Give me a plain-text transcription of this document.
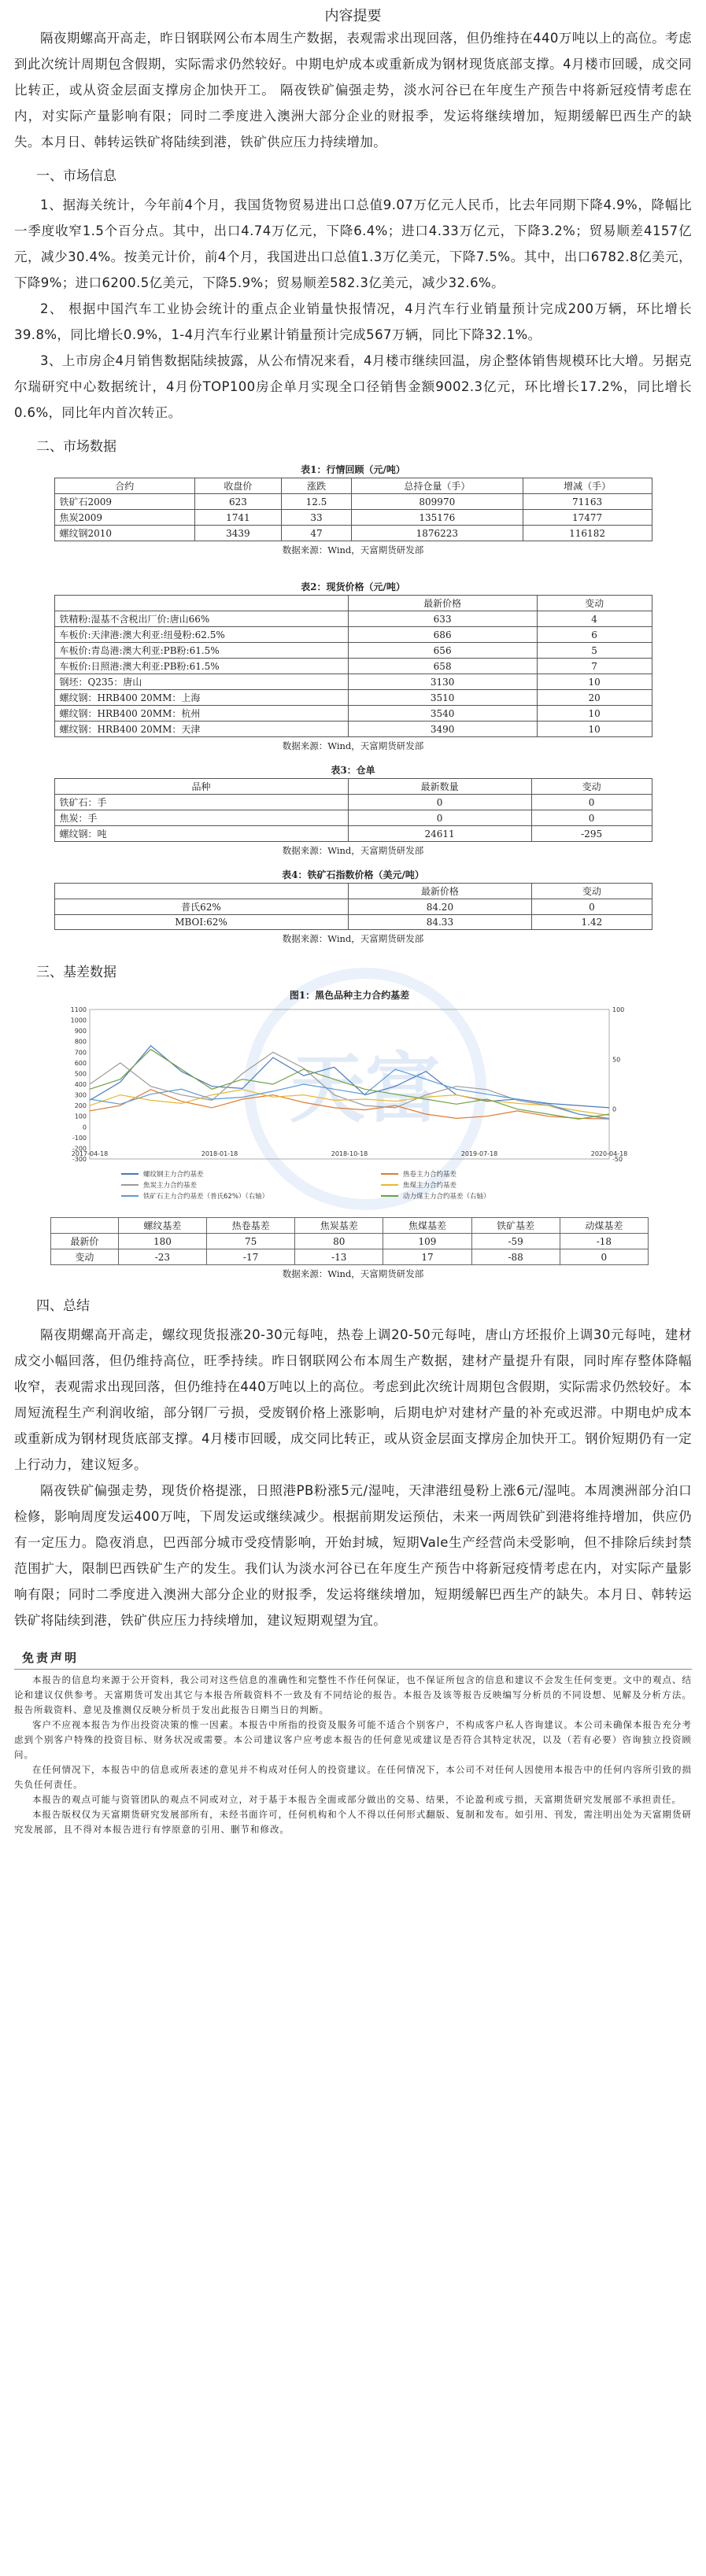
天富
内容提要

隔夜期螺高开高走，昨日钢联网公布本周生产数据，表观需求出现回落，但仍维持在440万吨以上的高位。考虑到此次统计周期包含假期，实际需求仍然较好。中期电炉成本或重新成为钢材现货底部支撑。4月楼市回暖，成交同比转正，或从资金层面支撑房企加快开工。 隔夜铁矿偏强走势，淡水河谷已在年度生产预告中将新冠疫情考虑在内，对实际产量影响有限；同时二季度进入澳洲大部分企业的财报季，发运将继续增加，短期缓解巴西生产的缺失。本月日、韩转运铁矿将陆续到港，铁矿供应压力持续增加。

一、市场信息

1、据海关统计，今年前4个月，我国货物贸易进出口总值9.07万亿元人民币，比去年同期下降4.9%，降幅比一季度收窄1.5个百分点。其中，出口4.74万亿元，下降6.4%；进口4.33万亿元，下降3.2%；贸易顺差4157亿元，减少30.4%。按美元计价，前4个月，我国进出口总值1.3万亿美元，下降7.5%。其中，出口6782.8亿美元，下降9%；进口6200.5亿美元，下降5.9%；贸易顺差582.3亿美元，减少32.6%。

2、 根据中国汽车工业协会统计的重点企业销量快报情况，4月汽车行业销量预计完成200万辆，环比增长39.8%，同比增长0.9%，1-4月汽车行业累计销量预计完成567万辆，同比下降32.1%。

3、上市房企4月销售数据陆续披露，从公布情况来看，4月楼市继续回温，房企整体销售规模环比大增。另据克尔瑞研究中心数据统计，4月份TOP100房企单月实现全口径销售金额9002.3亿元，环比增长17.2%，同比增长0.6%，同比年内首次转正。

二、市场数据
表1：行情回顾（元/吨）
合约	收盘价	涨跌	总持仓量（手）	增减（手）
铁矿石2009	623	12.5	809970	71163
焦炭2009	1741	33	135176	17477
螺纹钢2010	3439	47	1876223	116182
数据来源：Wind，天富期货研发部
表2：现货价格（元/吨）
	最新价格	变动
铁精粉:湿基不含税出厂价:唐山66%	633	4
车板价:天津港:澳大利亚:纽曼粉:62.5%	686	6
车板价:青岛港:澳大利亚:PB粉:61.5%	656	5
车板价:日照港:澳大利亚:PB粉:61.5%	658	7
钢坯：Q235：唐山	3130	10
螺纹钢：HRB400 20MM：上海	3510	20
螺纹钢：HRB400 20MM：杭州	3540	10
螺纹钢：HRB400 20MM：天津	3490	10
数据来源：Wind，天富期货研发部
表3：仓单
品种	最新数量	变动
铁矿石：手	0	0
焦炭：手	0	0
螺纹钢：吨	24611	-295
数据来源：Wind，天富期货研发部
表4：铁矿石指数价格（美元/吨）
	最新价格	变动
普氏62%	84.20	0
MBOI:62%	84.33	1.42
数据来源：Wind，天富期货研发部
三、基差数据
图1：黑色品种主力合约基差
1100
1000
900
800
700
600
500
400
300
200
100
0
-100
-200
-300
100
50
0
-50
2017-04-18	2018-01-18	2018-10-18	2019-07-18	2020-04-18
螺纹钢主力合约基差	热卷主力合约基差
焦炭主力合约基差	焦煤主力合约基差
铁矿石主力合约基差（普氏62%）（右轴）	动力煤主力合约基差（右轴）
	螺纹基差	热卷基差	焦炭基差	焦煤基差	铁矿基差	动煤基差
最新价	180	75	80	109	-59	-18
变动	-23	-17	-13	17	-88	0
数据来源：Wind，天富期货研发部
四、总结

隔夜期螺高开高走，螺纹现货报涨20-30元每吨，热卷上调20-50元每吨，唐山方坯报价上调30元每吨，建材成交小幅回落，但仍维持高位，旺季持续。昨日钢联网公布本周生产数据，建材产量提升有限，同时库存整体降幅收窄，表观需求出现回落，但仍维持在440万吨以上的高位。考虑到此次统计周期包含假期，实际需求仍然较好。本周短流程生产利润收缩，部分钢厂亏损，受废钢价格上涨影响，后期电炉对建材产量的补充或迟滞。中期电炉成本或重新成为钢材现货底部支撑。4月楼市回暖，成交同比转正，或从资金层面支撑房企加快开工。钢价短期仍有一定上行动力，建议短多。

隔夜铁矿偏强走势，现货价格提涨，日照港PB粉涨5元/湿吨，天津港纽曼粉上涨6元/湿吨。本周澳洲部分泊口检修，影响周度发运400万吨，下周发运或继续减少。根据前期发运预估，未来一两周铁矿到港将维持增加，供应仍有一定压力。隐夜消息，巴西部分城市受疫情影响，开始封城，短期Vale生产经营尚未受影响，但不排除后续封禁范围扩大，限制巴西铁矿生产的发生。我们认为淡水河谷已在年度生产预告中将新冠疫情考虑在内，对实际产量影响有限；同时二季度进入澳洲大部分企业的财报季，发运将继续增加，短期缓解巴西生产的缺失。本月日、韩转运铁矿将陆续到港，铁矿供应压力持续增加，建议短期观望为宜。

免责声明

本报告的信息均来源于公开资料，我公司对这些信息的准确性和完整性不作任何保证，也不保证所包含的信息和建议不会发生任何变更。文中的观点、结论和建议仅供参考。天富期货可发出其它与本报告所载资料不一致及有不同结论的报告。本报告及该等报告反映编写分析员的不同设想、见解及分析方法。报告所载资料、意见及推测仅反映分析员于发出此报告日期当日的判断。

客户不应视本报告为作出投资决策的惟一因素。本报告中所指的投资及服务可能不适合个别客户，不构成客户私人咨询建议。本公司未确保本报告充分考虑到个别客户特殊的投资目标、财务状况或需要。本公司建议客户应考虑本报告的任何意见或建议是否符合其特定状况，以及（若有必要）咨询独立投资顾问。

在任何情况下，本报告中的信息或所表述的意见并不构成对任何人的投资建议。在任何情况下，本公司不对任何人因使用本报告中的任何内容所引致的损失负任何责任。

本报告的观点可能与资管团队的观点不同或对立，对于基于本报告全面或部分做出的交易、结果，不论盈利或亏损，天富期货研究发展部不承担责任。

本报告版权仅为天富期货研究发展部所有，未经书面许可，任何机构和个人不得以任何形式翻版、复制和发布。如引用、刊发，需注明出处为天富期货研究发展部，且不得对本报告进行有悖原意的引用、删节和修改。
